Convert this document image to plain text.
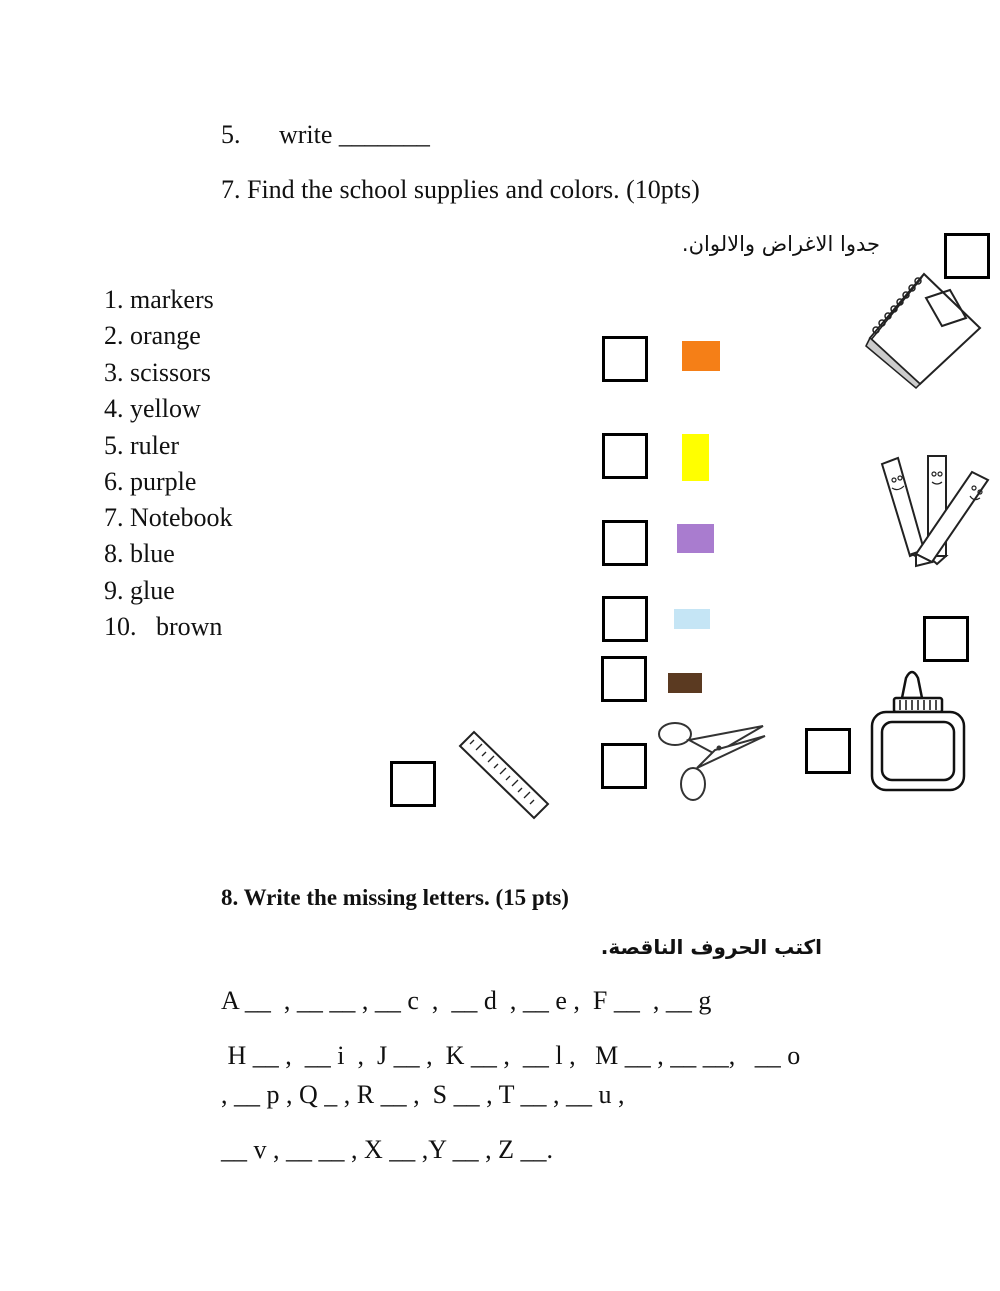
5. write _______
7. Find the school supplies and colors. (10pts)
جدوا الاغراض والالوان.
1. markers
2. orange
3. scissors
4. yellow
5. ruler
6. purple
7. Notebook
8. blue
9. glue
10.   brown
8. Write the missing letters. (15 pts)
اكتب الحروف الناقصة.
A __  , __ __ , __ c  ,  __ d  , __ e ,  F __  , __ g
H __ ,  __ i  ,  J __ ,  K __ ,  __ l ,   M __ , __ __,   __ o
, __ p , Q _ , R __ ,  S __ , T __ , __ u ,
__ v , __ __ , X __ ,Y __ , Z __.
